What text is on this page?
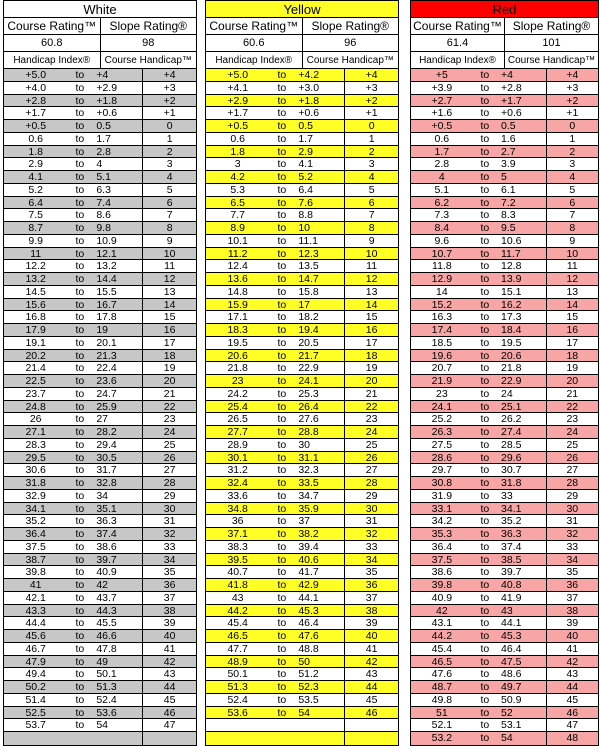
White
Course Rating™	Slope Rating®
60.8	98
Handicap Index®	Course Handicap™
+5.0	to	+4	+4
+4.0	to	+2.9	+3
+2.8	to	+1.8	+2
+1.7	to	+0.6	+1
+0.5	to	0.5	0
0.6	to	1.7	1
1.8	to	2.8	2
2.9	to	4	3
4.1	to	5.1	4
5.2	to	6.3	5
6.4	to	7.4	6
7.5	to	8.6	7
8.7	to	9.8	8
9.9	to	10.9	9
11	to	12.1	10
12.2	to	13.2	11
13.2	to	14.4	12
14.5	to	15.5	13
15.6	to	16.7	14
16.8	to	17.8	15
17.9	to	19	16
19.1	to	20.1	17
20.2	to	21.3	18
21.4	to	22.4	19
22.5	to	23.6	20
23.7	to	24.7	21
24.8	to	25.9	22
26	to	27	23
27.1	to	28.2	24
28.3	to	29.4	25
29.5	to	30.5	26
30.6	to	31.7	27
31.8	to	32.8	28
32.9	to	34	29
34.1	to	35.1	30
35.2	to	36.3	31
36.4	to	37.4	32
37.5	to	38.6	33
38.7	to	39.7	34
39.8	to	40.9	35
41	to	42	36
42.1	to	43.7	37
43.3	to	44.3	38
44.4	to	45.5	39
45.6	to	46.6	40
46.7	to	47.8	41
47.9	to	49	42
49.4	to	50.1	43
50.2	to	51.3	44
51.4	to	52.4	45
52.5	to	53.6	46
53.7	to	54	47
Yellow
Course Rating™	Slope Rating®
60.6	96
Handicap Index®	Course Handicap™
+5.0	to	+4.2	+4
+4.1	to	+3.0	+3
+2.9	to	+1.8	+2
+1.7	to	+0.6	+1
+0.5	to	0.5	0
0.6	to	1.7	1
1.8	to	2.9	2
3	to	4.1	3
4.2	to	5.2	4
5.3	to	6.4	5
6.5	to	7.6	6
7.7	to	8.8	7
8.9	to	10	8
10.1	to	11.1	9
11.2	to	12.3	10
12.4	to	13.5	11
13.6	to	14.7	12
14.8	to	15.8	13
15.9	to	17	14
17.1	to	18.2	15
18.3	to	19.4	16
19.5	to	20.5	17
20.6	to	21.7	18
21.8	to	22.9	19
23	to	24.1	20
24.2	to	25.3	21
25.4	to	26.4	22
26.5	to	27.6	23
27.7	to	28.8	24
28.9	to	30	25
30.1	to	31.1	26
31.2	to	32.3	27
32.4	to	33.5	28
33.6	to	34.7	29
34.8	to	35.9	30
36	to	37	31
37.1	to	38.2	32
38.3	to	39.4	33
39.5	to	40.6	34
40.7	to	41.7	35
41.8	to	42.9	36
43	to	44.1	37
44.2	to	45.3	38
45.4	to	46.4	39
46.5	to	47.6	40
47.7	to	48.8	41
48.9	to	50	42
50.1	to	51.2	43
51.3	to	52.3	44
52.4	to	53.5	45
53.6	to	54	46
Red
Course Rating™ Slope Rating®
61.4	101
Handicap Index®	Course Handicap™
+5	to	+4	+4
+3.9	to	+2.8	+3
+2.7	to	+1.7	+2
+1.6	to	+0.6	+1
+0.5	to	0.5	0
0.6	to	1.6	1
1.7	to	2.7	2
2.8	to	3.9	3
4	to	5	4
5.1	to	6.1	5
6.2	to	7.2	6
7.3	to	8.3	7
8.4	to	9.5	8
9.6	to	10.6	9
10.7	to	11.7	10
11.8	to	12.8	11
12.9	to	13.9	12
14	to	15.1	13
15.2	to	16.2	14
16.3	to	17.3	15
17.4	to	18.4	16
18.5	to	19.5	17
19.6	to	20.6	18
20.7	to	21.8	19
21.9	to	22.9	20
23	to	24	21
24.1	to	25.1	22
25.2	to	26.2	23
26.3	to	27.4	24
27.5	to	28.5	25
28.6	to	29.6	26
29.7	to	30.7	27
30.8	to	31.8	28
31.9	to	33	29
33.1	to	34.1	30
34.2	to	35.2	31
35.3	to	36.3	32
36.4	to	37.4	33
37.5	to	38.5	34
38.6	to	39.7	35
39.8	to	40.8	36
40.9	to	41.9	37
42	to	43	38
43.1	to	44.1	39
44.2	to	45.3	40
45.4	to	46.4	41
46.5	to	47.5	42
47.6	to	48.6	43
48.7	to	49.7	44
49.8	to	50.9	45
51	to	52	46
52.1	to	53.1	47
53.2	to	54	48
